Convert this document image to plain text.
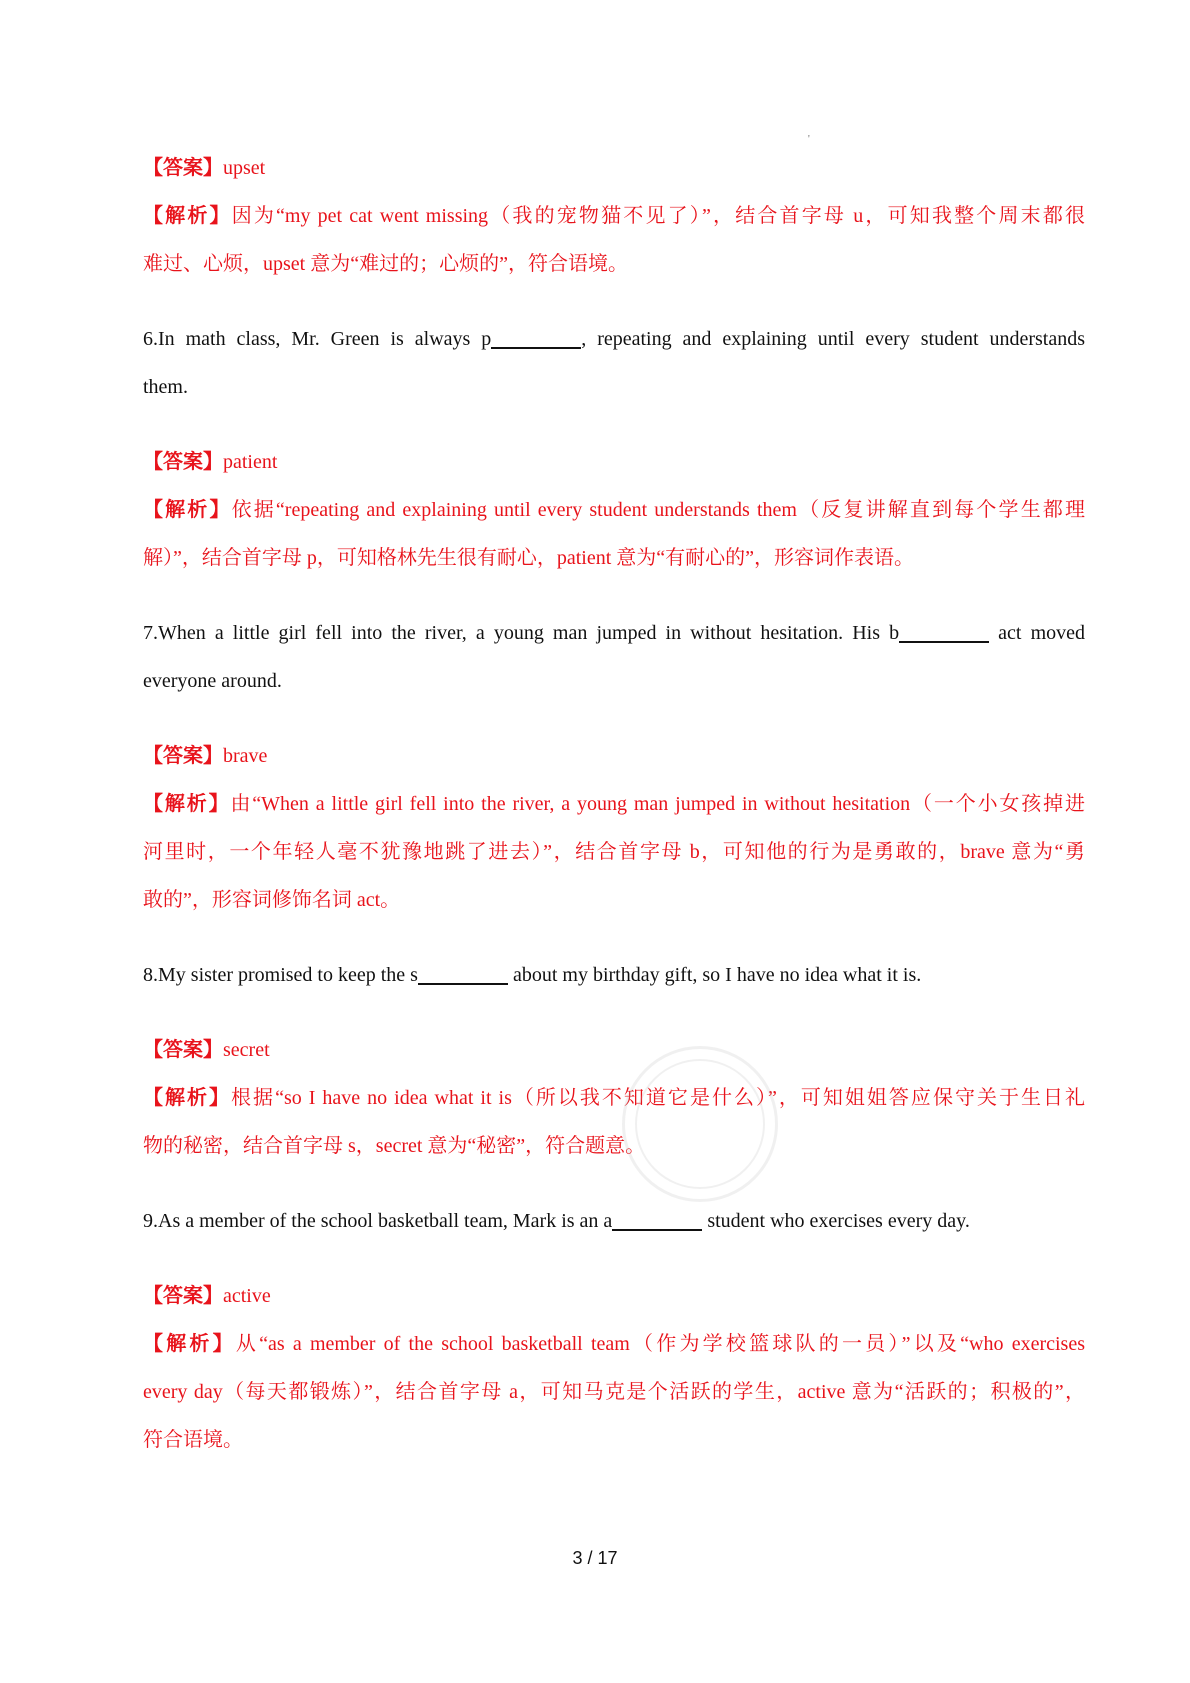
'
【答案】upset
【解析】因为“my pet cat went missing（我的宠物猫不见了）”，结合首字母 u，可知我整个周末都很
难过、心烦，upset 意为“难过的；心烦的”，符合语境。
6.In math class, Mr. Green is always p	, repeating and explaining until every student understands
them.
【答案】patient
【解析】依据“repeating and explaining until every student understands them（反复讲解直到每个学生都理
解）”，结合首字母 p，可知格林先生很有耐心，patient 意为“有耐心的”，形容词作表语。
7.When a little girl fell into the river, a young man jumped in without hesitation. His b	act moved
everyone around.
【答案】brave
【解析】由“When a little girl fell into the river, a young man jumped in without hesitation（一个小女孩掉进
河里时，一个年轻人毫不犹豫地跳了进去）”，结合首字母 b，可知他的行为是勇敢的，brave 意为“勇
敢的”，形容词修饰名词 act。
8.My sister promised to keep the s	about my birthday gift, so I have no idea what it is.
【答案】secret
【解析】根据“so I have no idea what it is（所以我不知道它是什么）”，可知姐姐答应保守关于生日礼
物的秘密，结合首字母 s，secret 意为“秘密”，符合题意。
9.As a member of the school basketball team, Mark is an a	student who exercises every day.
【答案】active
【解析】从“as a member of the school basketball team（作为学校篮球队的一员）”以及“who exercises
every day（每天都锻炼）”，结合首字母 a，可知马克是个活跃的学生，active 意为“活跃的；积极的”，
符合语境。
3 / 17
